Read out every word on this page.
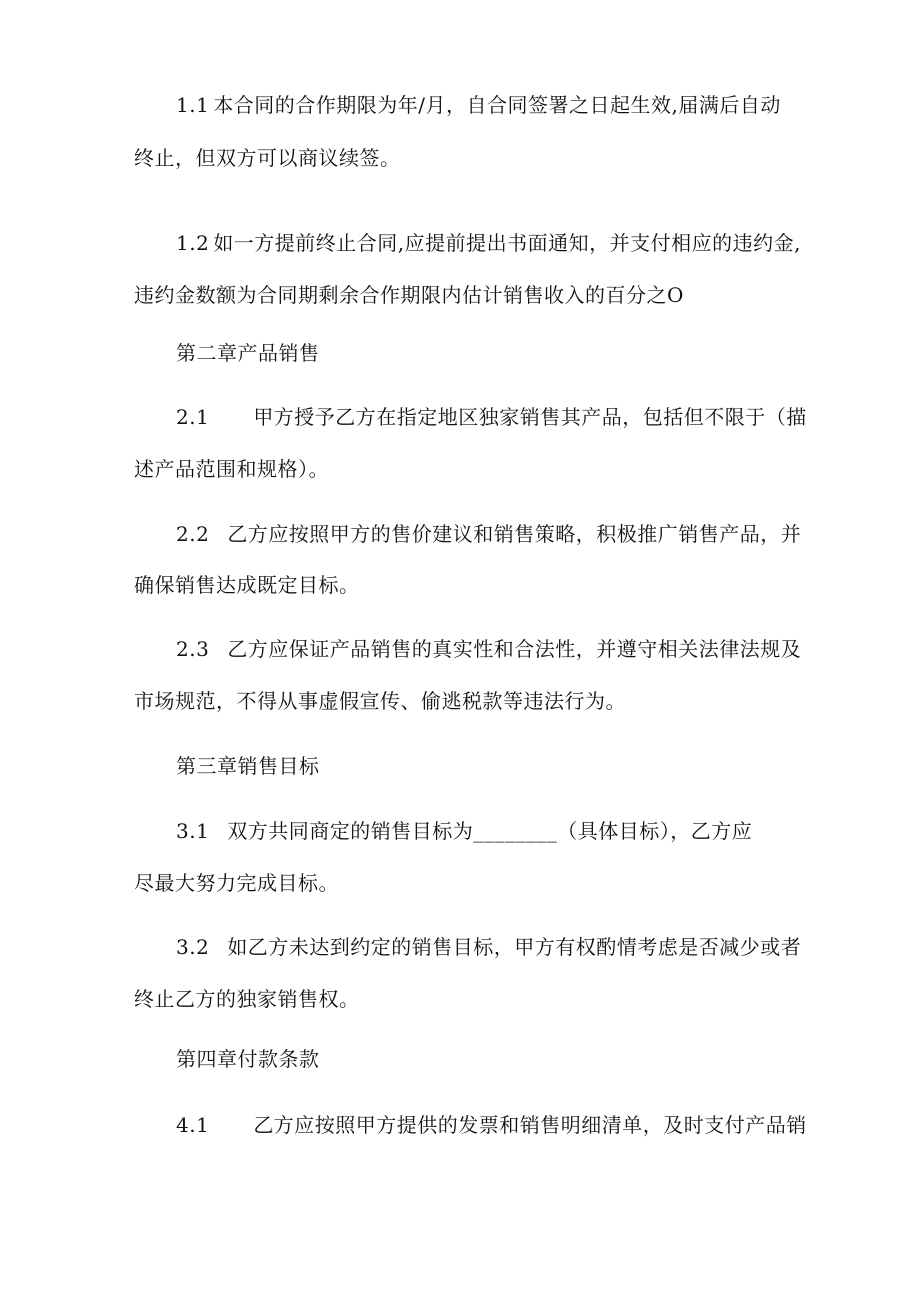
1.1 本合同的合作期限为年/月，自合同签署之日起生效,届满后自动
终止，但双方可以商议续签。
1.2 如一方提前终止合同,应提前提出书面通知，并支付相应的违约金,
违约金数额为合同期剩余合作期限内估计销售收入的百分之O
第二章产品销售
2.1 甲方授予乙方在指定地区独家销售其产品，包括但不限于（描
述产品范围和规格）。
2.2 乙方应按照甲方的售价建议和销售策略，积极推广销售产品，并
确保销售达成既定目标。
2.3 乙方应保证产品销售的真实性和合法性，并遵守相关法律法规及
市场规范，不得从事虚假宣传、偷逃税款等违法行为。
第三章销售目标
3.1 双方共同商定的销售目标为________（具体目标），乙方应
尽最大努力完成目标。
3.2 如乙方未达到约定的销售目标，甲方有权酌情考虑是否减少或者
终止乙方的独家销售权。
第四章付款条款
4.1 乙方应按照甲方提供的发票和销售明细清单，及时支付产品销
